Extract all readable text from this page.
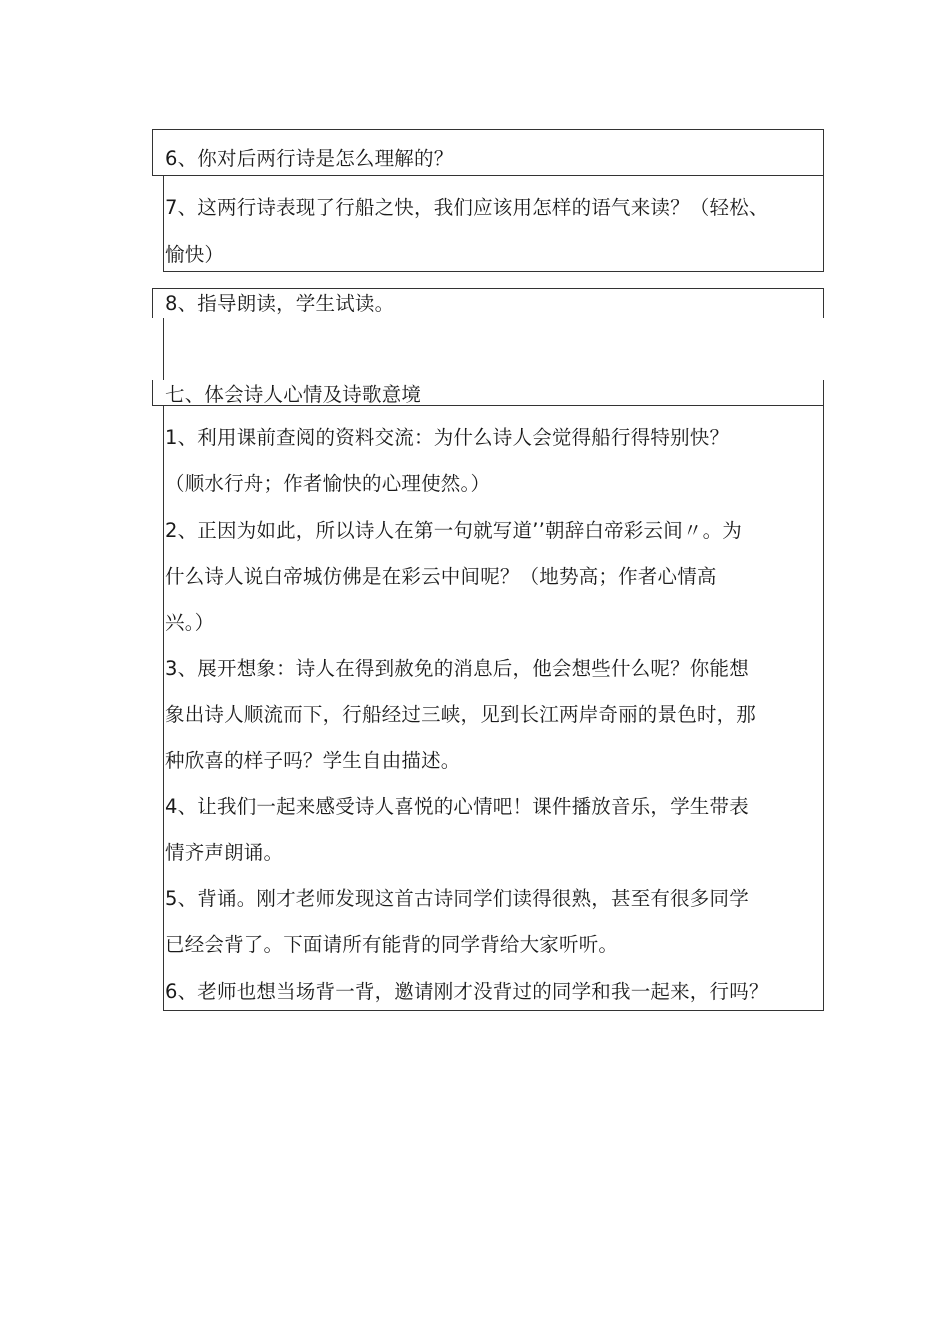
6、你对后两行诗是怎么理解的？
7、这两行诗表现了行船之快，我们应该用怎样的语气来读？（轻松、
愉快）
8、指导朗读，学生试读。
七、体会诗人心情及诗歌意境
1、利用课前查阅的资料交流：为什么诗人会觉得船行得特别快？
（顺水行舟；作者愉快的心理使然。）
2、正因为如此，所以诗人在第一句就写道’’朝辞白帝彩云间〃。为
什么诗人说白帝城仿佛是在彩云中间呢？（地势高；作者心情高
兴。）
3、展开想象：诗人在得到赦免的消息后，他会想些什么呢？你能想
象出诗人顺流而下，行船经过三峡，见到长江两岸奇丽的景色时，那
种欣喜的样子吗？学生自由描述。
4、让我们一起来感受诗人喜悦的心情吧！课件播放音乐，学生带表
情齐声朗诵。
5、背诵。刚才老师发现这首古诗同学们读得很熟，甚至有很多同学
已经会背了。下面请所有能背的同学背给大家听听。
6、老师也想当场背一背，邀请刚才没背过的同学和我一起来，行吗？
